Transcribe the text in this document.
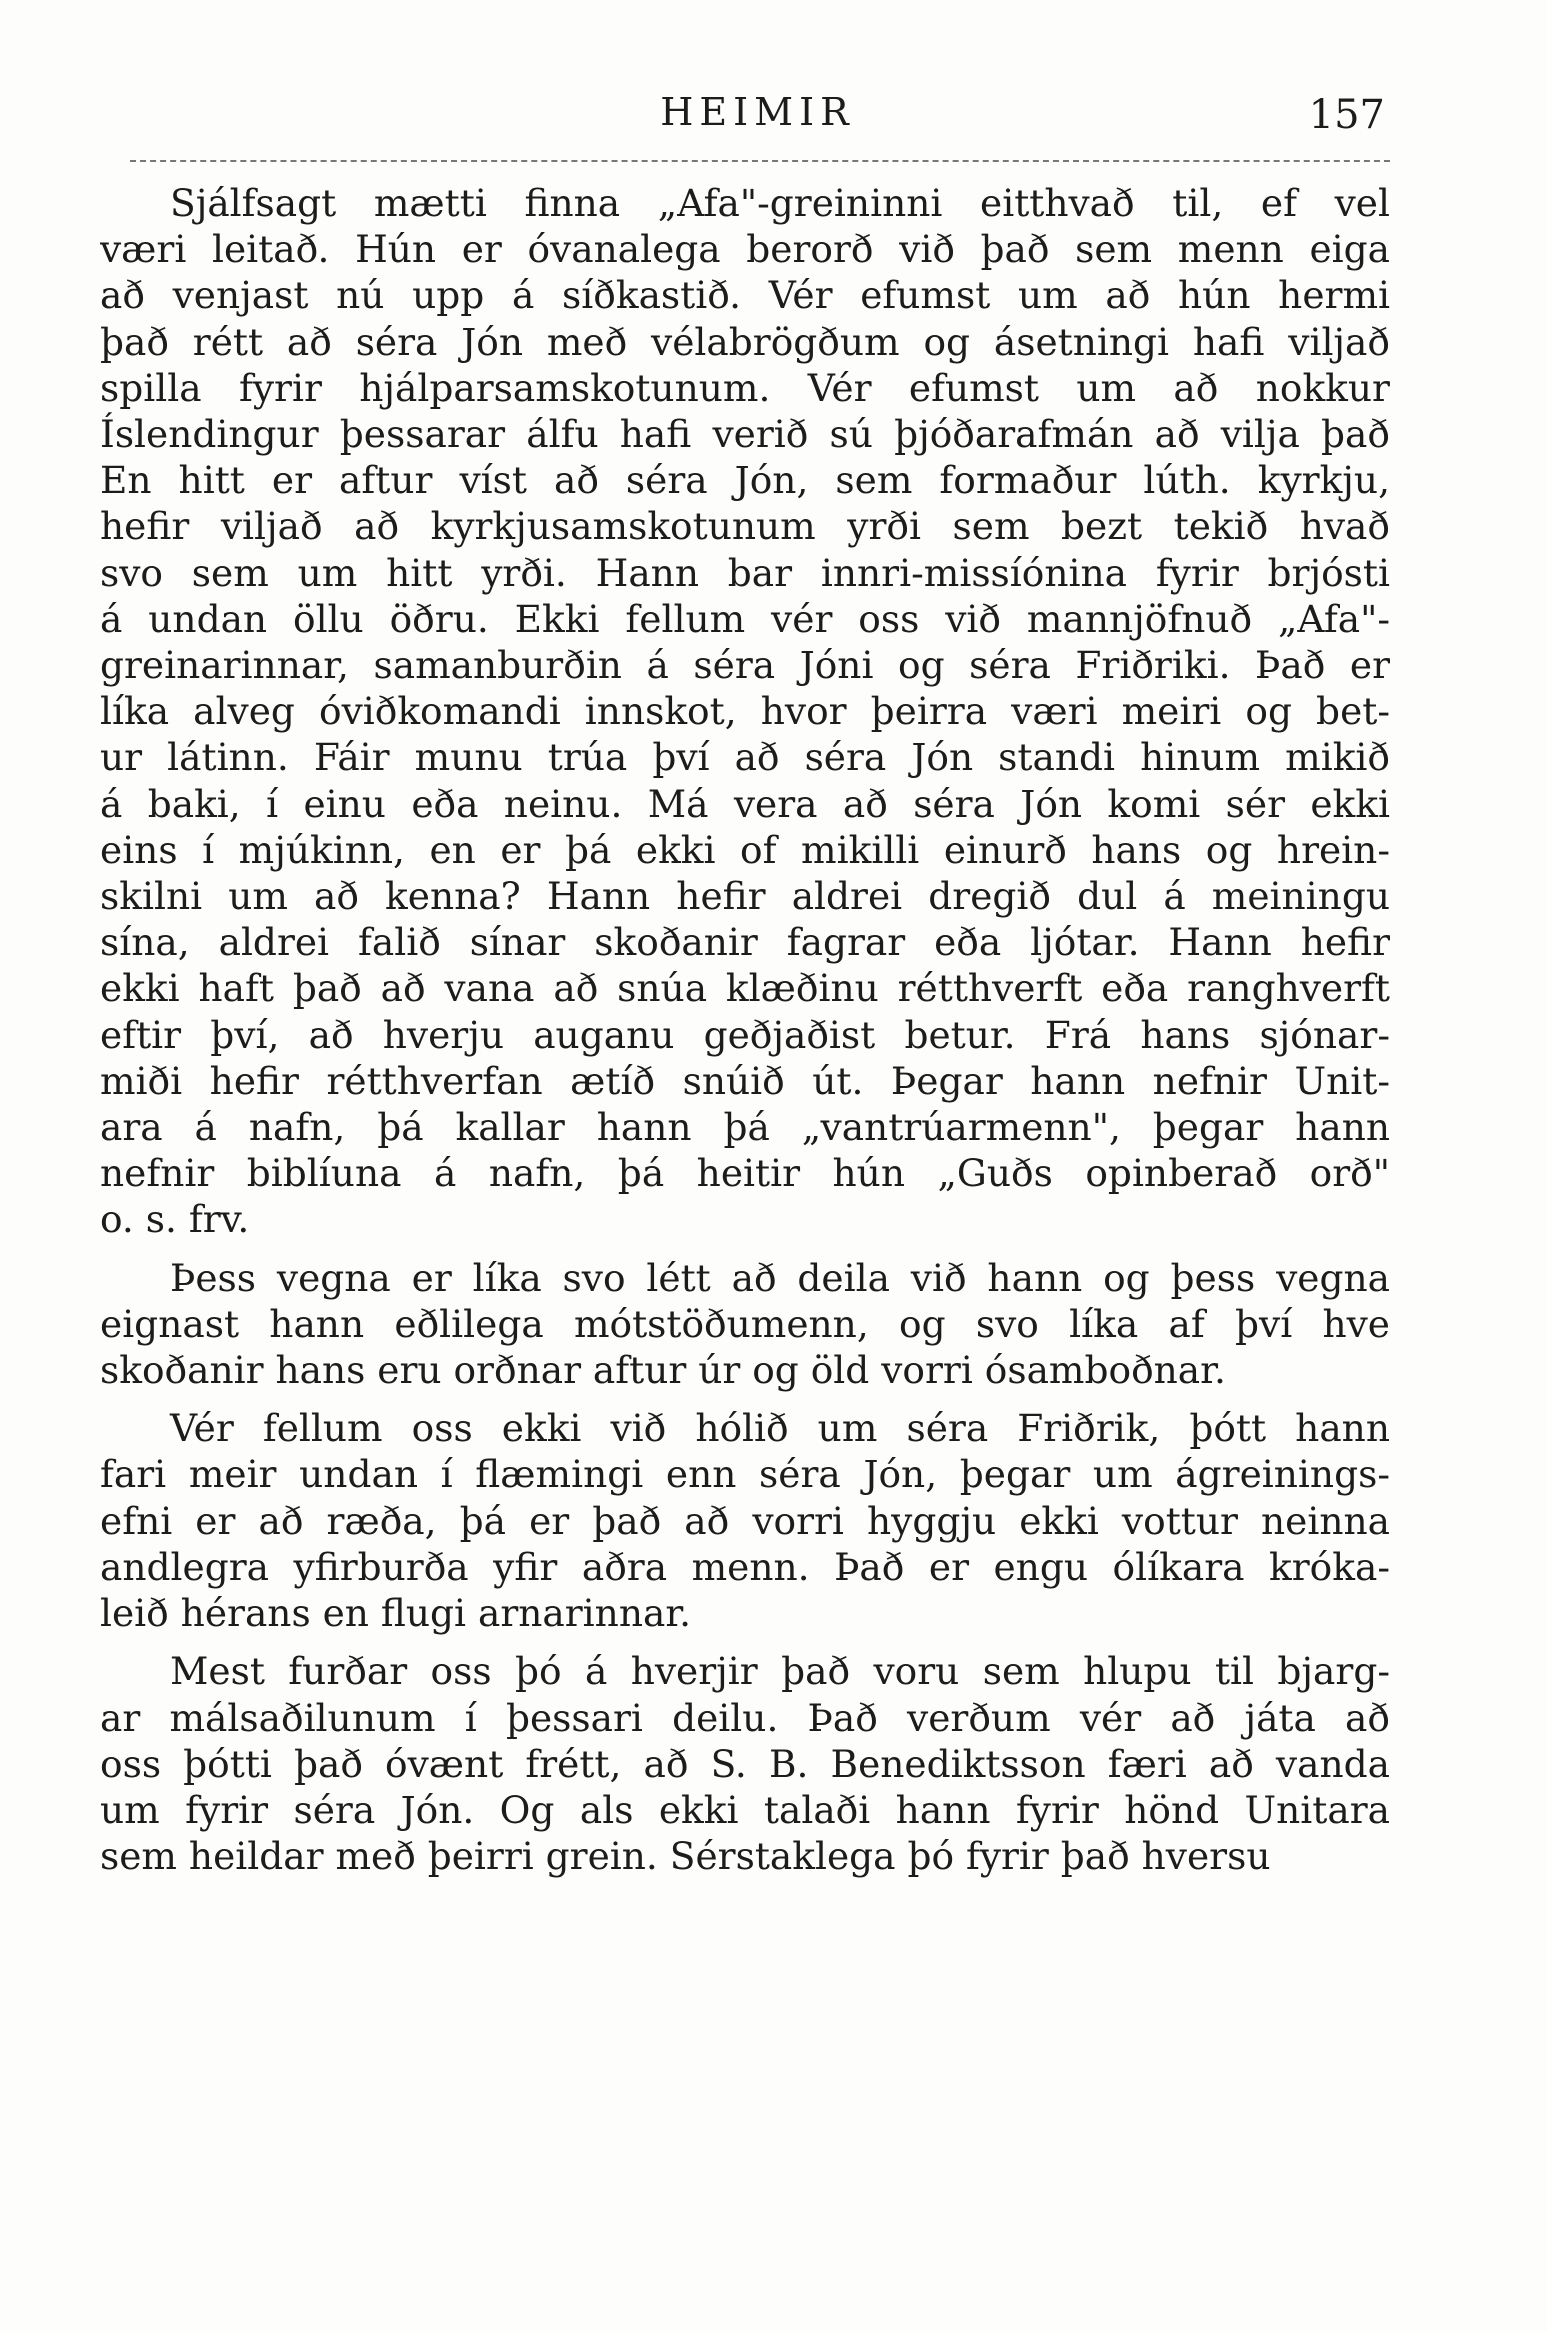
HEIMIR	157

Sjálfsagt mætti finna „Afa"-greininni eitthvað til, ef vel
væri leitað. Hún er óvanalega berorð við það sem menn eiga
að venjast nú upp á síðkastið. Vér efumst um að hún hermi
það rétt að séra Jón með vélabrögðum og ásetningi hafi viljað
spilla fyrir hjálparsamskotunum. Vér efumst um að nokkur
Íslendingur þessarar álfu hafi verið sú þjóðarafmán að vilja það
En hitt er aftur víst að séra Jón, sem formaður lúth. kyrkju,
hefir viljað að kyrkjusamskotunum yrði sem bezt tekið hvað
svo sem um hitt yrði. Hann bar innri-missíónina fyrir brjósti
á undan öllu öðru. Ekki fellum vér oss við mannjöfnuð „Afa"-
greinarinnar, samanburðin á séra Jóni og séra Friðriki. Það er
líka alveg óviðkomandi innskot, hvor þeirra væri meiri og bet-
ur látinn. Fáir munu trúa því að séra Jón standi hinum mikið
á baki, í einu eða neinu. Má vera að séra Jón komi sér ekki
eins í mjúkinn, en er þá ekki of mikilli einurð hans og hrein-
skilni um að kenna? Hann hefir aldrei dregið dul á meiningu
sína, aldrei falið sínar skoðanir fagrar eða ljótar. Hann hefir
ekki haft það að vana að snúa klæðinu rétthverft eða ranghverft
eftir því, að hverju auganu geðjaðist betur. Frá hans sjónar-
miði hefir rétthverfan ætíð snúið út. Þegar hann nefnir Unit-
ara á nafn, þá kallar hann þá „vantrúarmenn", þegar hann
nefnir biblíuna á nafn, þá heitir hún „Guðs opinberað orð"
o. s. frv.

Þess vegna er líka svo létt að deila við hann og þess vegna
eignast hann eðlilega mótstöðumenn, og svo líka af því hve
skoðanir hans eru orðnar aftur úr og öld vorri ósamboðnar.

Vér fellum oss ekki við hólið um séra Friðrik, þótt hann
fari meir undan í flæmingi enn séra Jón, þegar um ágreinings-
efni er að ræða, þá er það að vorri hyggju ekki vottur neinna
andlegra yfirburða yfir aðra menn. Það er engu ólíkara króka-
leið hérans en flugi arnarinnar.

Mest furðar oss þó á hverjir það voru sem hlupu til bjarg-
ar málsaðilunum í þessari deilu. Það verðum vér að játa að
oss þótti það óvænt frétt, að S. B. Benediktsson færi að vanda
um fyrir séra Jón. Og als ekki talaði hann fyrir hönd Unitara
sem heildar með þeirri grein. Sérstaklega þó fyrir það hversu
